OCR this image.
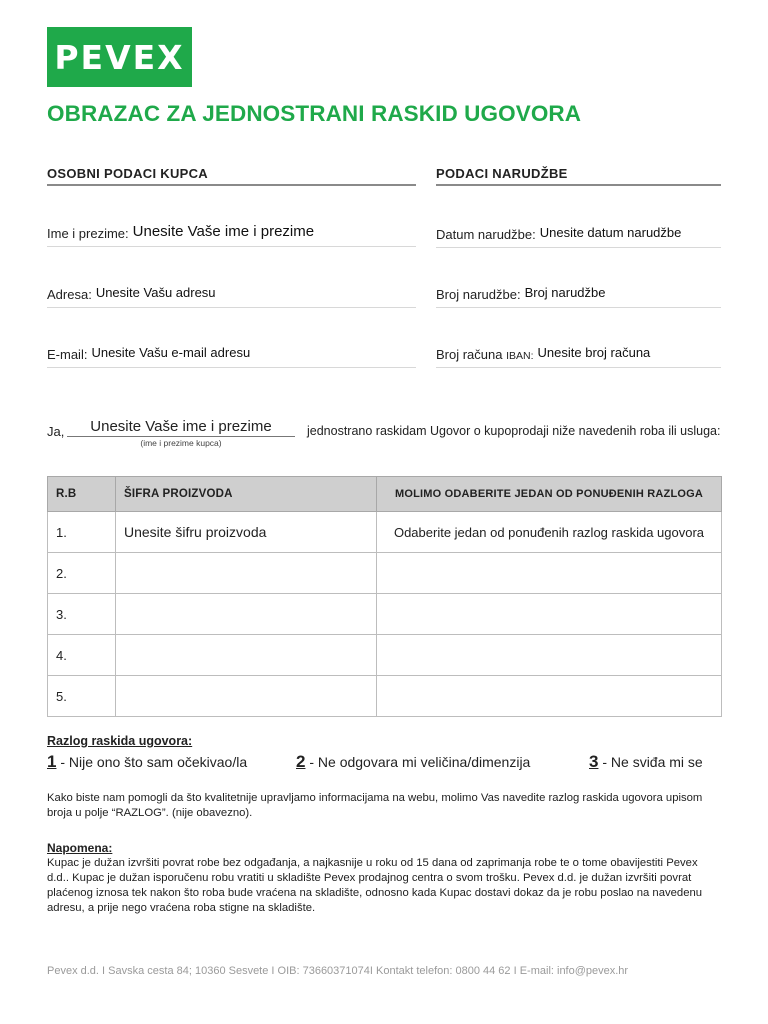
PEVEX
OBRAZAC ZA JEDNOSTRANI RASKID UGOVORA
OSOBNI PODACI KUPCA	PODACI NARUDŽBE
Ime i prezime: Unesite Vaše ime i prezime
Adresa: Unesite Vašu adresu
E-mail: Unesite Vašu e-mail adresu
Datum narudžbe: Unesite datum narudžbe
Broj narudžbe: Broj narudžbe
Broj računa IBAN: Unesite broj računa
Ja,	Unesite Vaše ime i prezime
(ime i prezime kupca)
jednostrano raskidam Ugovor o kupoprodaji niže navedenih roba ili usluga:
R.B	ŠIFRA PROIZVODA	MOLIMO ODABERITE JEDAN OD PONUĐENIH RAZLOGA
1.	Unesite šifru proizvoda	Odaberite jedan od ponuđenih razlog raskida ugovora
2.		
3.		
4.		
5.		
Razlog raskida ugovora:
1 - Nije ono što sam očekivao/la	2 - Ne odgovara mi veličina/dimenzija	3 - Ne sviđa mi se
Kako biste nam pomogli da što kvalitetnije upravljamo informacijama na webu, molimo Vas navedite razlog raskida ugovora upisom broja u polje “RAZLOG”. (nije obavezno).
Napomena:
Kupac je dužan izvršiti povrat robe bez odgađanja, a najkasnije u roku od 15 dana od zaprimanja robe te o tome obavijestiti Pevex d.d.. Kupac je dužan isporučenu robu vratiti u skladište Pevex prodajnog centra o svom trošku. Pevex d.d. je dužan izvršiti povrat plaćenog iznosa tek nakon što roba bude vraćena na skladište, odnosno kada Kupac dostavi dokaz da je robu poslao na navedenu adresu, a prije nego vraćena roba stigne na skladište.
Pevex d.d. I Savska cesta 84; 10360 Sesvete I OIB: 73660371074I Kontakt telefon: 0800 44 62 I E-mail: info@pevex.hr
